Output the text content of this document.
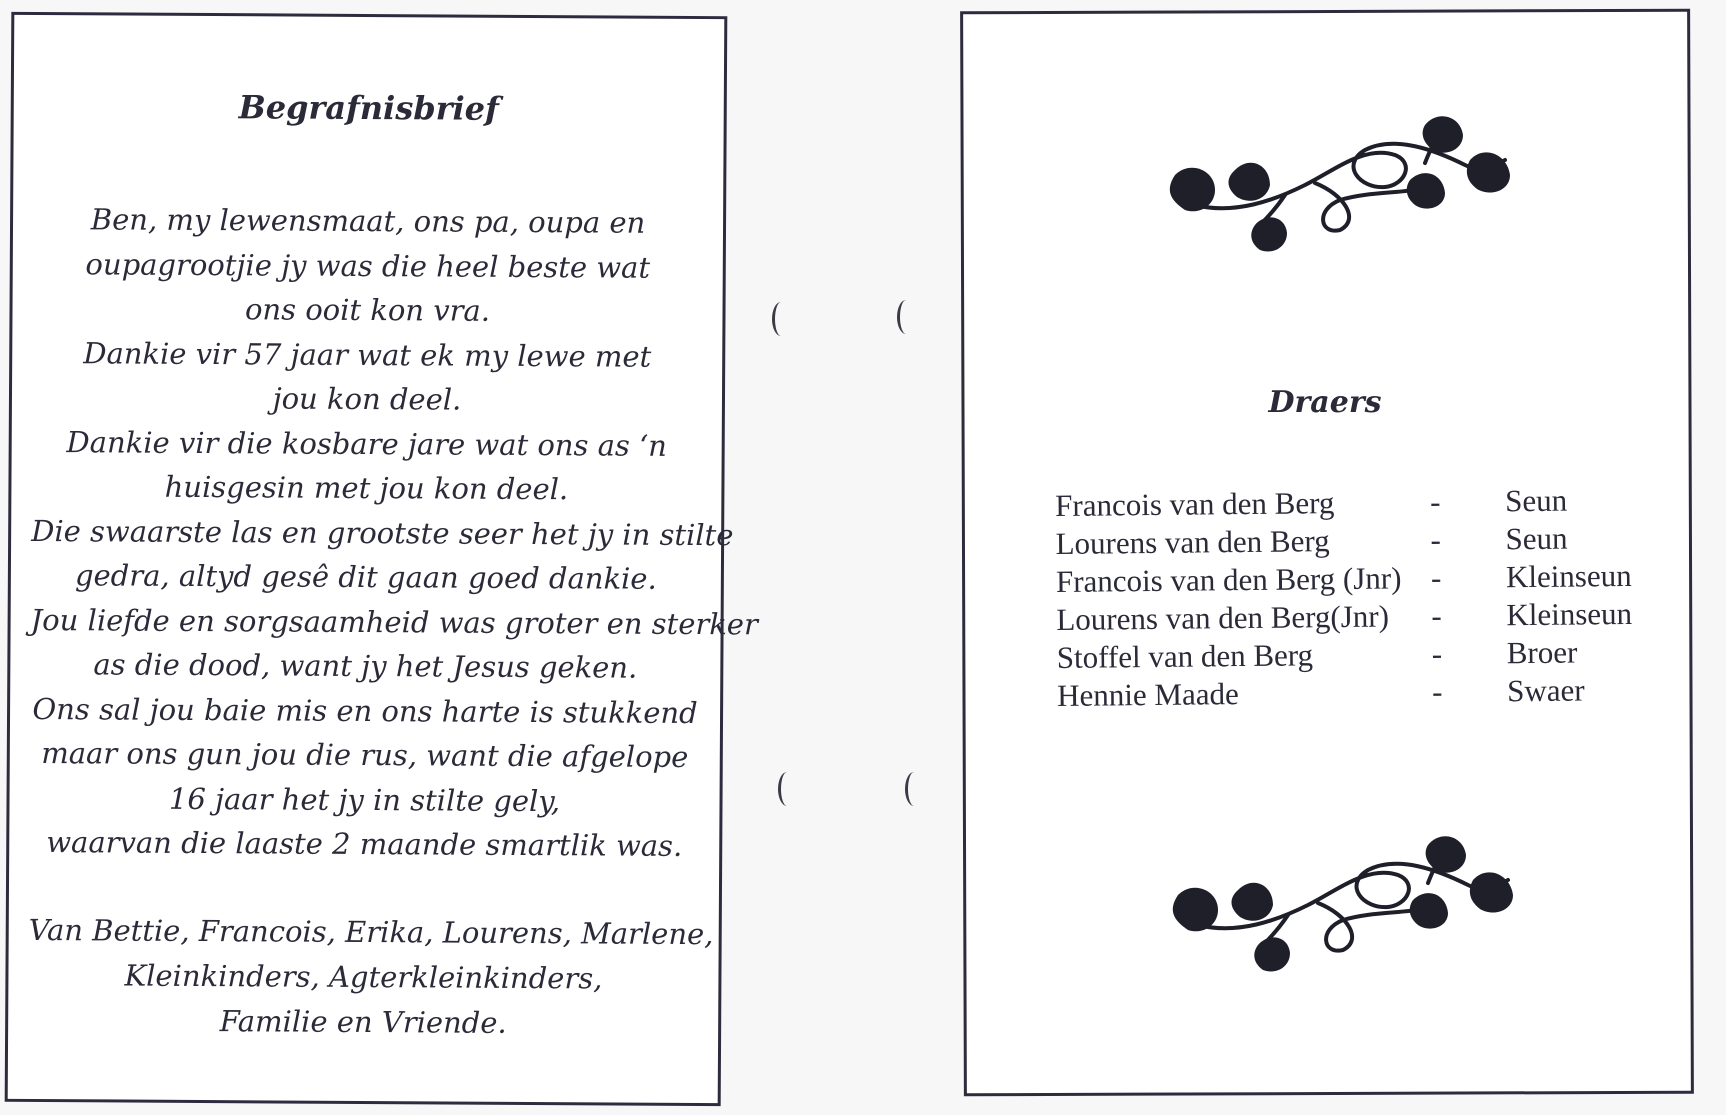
Begrafnisbrief
Ben, my lewensmaat, ons pa, oupa en
oupagrootjie jy was die heel beste wat
ons ooit kon vra.
Dankie vir 57 jaar wat ek my lewe met
jou kon deel.
Dankie vir die kosbare jare wat ons as ‘n
huisgesin met jou kon deel.
Die swaarste las en grootste seer het jy in stilte
gedra, altyd gesê dit gaan goed dankie.
Jou liefde en sorgsaamheid was groter en sterker
as die dood, want jy het Jesus geken.
Ons sal jou baie mis en ons harte is stukkend
maar ons gun jou die rus, want die afgelope
16 jaar het jy in stilte gely,
waarvan die laaste 2 maande smartlik was.
Van Bettie, Francois, Erika, Lourens, Marlene,
Kleinkinders, Agterkleinkinders,
Familie en Vriende.
Draers
Francois van den Berg	- Seun
Lourens van den Berg	- Seun
Francois van den Berg (Jnr) - Kleinseun
Lourens van den Berg(Jnr) - Kleinseun
Stoffel van den Berg	- Broer
Hennie Maade	- Swaer
